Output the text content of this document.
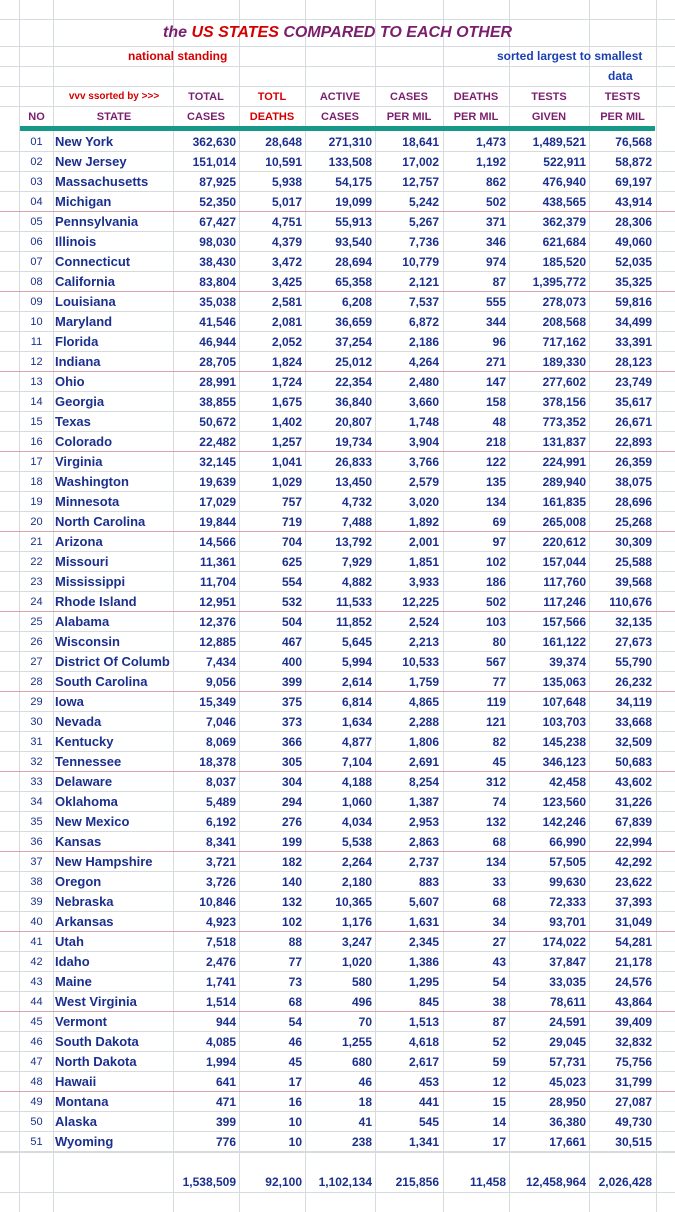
the US STATES COMPARED TO EACH OTHER
national standing	sorted largest to smallest
data
vvv ssorted by >>>	TOTAL	TOTL	ACTIVE	CASES	DEATHS	TESTS	TESTS
NO	STATE	CASES	DEATHS	CASES	PER MIL	PER MIL	GIVEN	PER MIL
01 New York	362,630	28,648	271,310	18,641	1,473	1,489,521	76,568
02 New Jersey	151,014	10,591	133,508	17,002	1,192	522,911	58,872
03 Massachusetts	87,925	5,938	54,175	12,757	862	476,940	69,197
04 Michigan	52,350	5,017	19,099	5,242	502	438,565	43,914
05 Pennsylvania	67,427	4,751	55,913	5,267	371	362,379	28,306
06 Illinois	98,030	4,379	93,540	7,736	346	621,684	49,060
07 Connecticut	38,430	3,472	28,694	10,779	974	185,520	52,035
08 California	83,804	3,425	65,358	2,121	87	1,395,772	35,325
09 Louisiana	35,038	2,581	6,208	7,537	555	278,073	59,816
10 Maryland	41,546	2,081	36,659	6,872	344	208,568	34,499
11 Florida	46,944	2,052	37,254	2,186	96	717,162	33,391
12 Indiana	28,705	1,824	25,012	4,264	271	189,330	28,123
13 Ohio	28,991	1,724	22,354	2,480	147	277,602	23,749
14 Georgia	38,855	1,675	36,840	3,660	158	378,156	35,617
15 Texas	50,672	1,402	20,807	1,748	48	773,352	26,671
16 Colorado	22,482	1,257	19,734	3,904	218	131,837	22,893
17 Virginia	32,145	1,041	26,833	3,766	122	224,991	26,359
18 Washington	19,639	1,029	13,450	2,579	135	289,940	38,075
19 Minnesota	17,029	757	4,732	3,020	134	161,835	28,696
20 North Carolina	19,844	719	7,488	1,892	69	265,008	25,268
21 Arizona	14,566	704	13,792	2,001	97	220,612	30,309
22 Missouri	11,361	625	7,929	1,851	102	157,044	25,588
23 Mississippi	11,704	554	4,882	3,933	186	117,760	39,568
24 Rhode Island	12,951	532	11,533	12,225	502	117,246	110,676
25 Alabama	12,376	504	11,852	2,524	103	157,566	32,135
26 Wisconsin	12,885	467	5,645	2,213	80	161,122	27,673
27 District Of Columb	7,434	400	5,994	10,533	567	39,374	55,790
28 South Carolina	9,056	399	2,614	1,759	77	135,063	26,232
29 Iowa	15,349	375	6,814	4,865	119	107,648	34,119
30 Nevada	7,046	373	1,634	2,288	121	103,703	33,668
31 Kentucky	8,069	366	4,877	1,806	82	145,238	32,509
32 Tennessee	18,378	305	7,104	2,691	45	346,123	50,683
33 Delaware	8,037	304	4,188	8,254	312	42,458	43,602
34 Oklahoma	5,489	294	1,060	1,387	74	123,560	31,226
35 New Mexico	6,192	276	4,034	2,953	132	142,246	67,839
36 Kansas	8,341	199	5,538	2,863	68	66,990	22,994
37 New Hampshire	3,721	182	2,264	2,737	134	57,505	42,292
38 Oregon	3,726	140	2,180	883	33	99,630	23,622
39 Nebraska	10,846	132	10,365	5,607	68	72,333	37,393
40 Arkansas	4,923	102	1,176	1,631	34	93,701	31,049
41 Utah	7,518	88	3,247	2,345	27	174,022	54,281
42 Idaho	2,476	77	1,020	1,386	43	37,847	21,178
43 Maine	1,741	73	580	1,295	54	33,035	24,576
44 West Virginia	1,514	68	496	845	38	78,611	43,864
45 Vermont	944	54	70	1,513	87	24,591	39,409
46 South Dakota	4,085	46	1,255	4,618	52	29,045	32,832
47 North Dakota	1,994	45	680	2,617	59	57,731	75,756
48 Hawaii	641	17	46	453	12	45,023	31,799
49 Montana	471	16	18	441	15	28,950	27,087
50 Alaska	399	10	41	545	14	36,380	49,730
51 Wyoming	776	10	238	1,341	17	17,661	30,515
1,538,509	92,100	1,102,134	215,856	11,458	12,458,964	2,026,428
